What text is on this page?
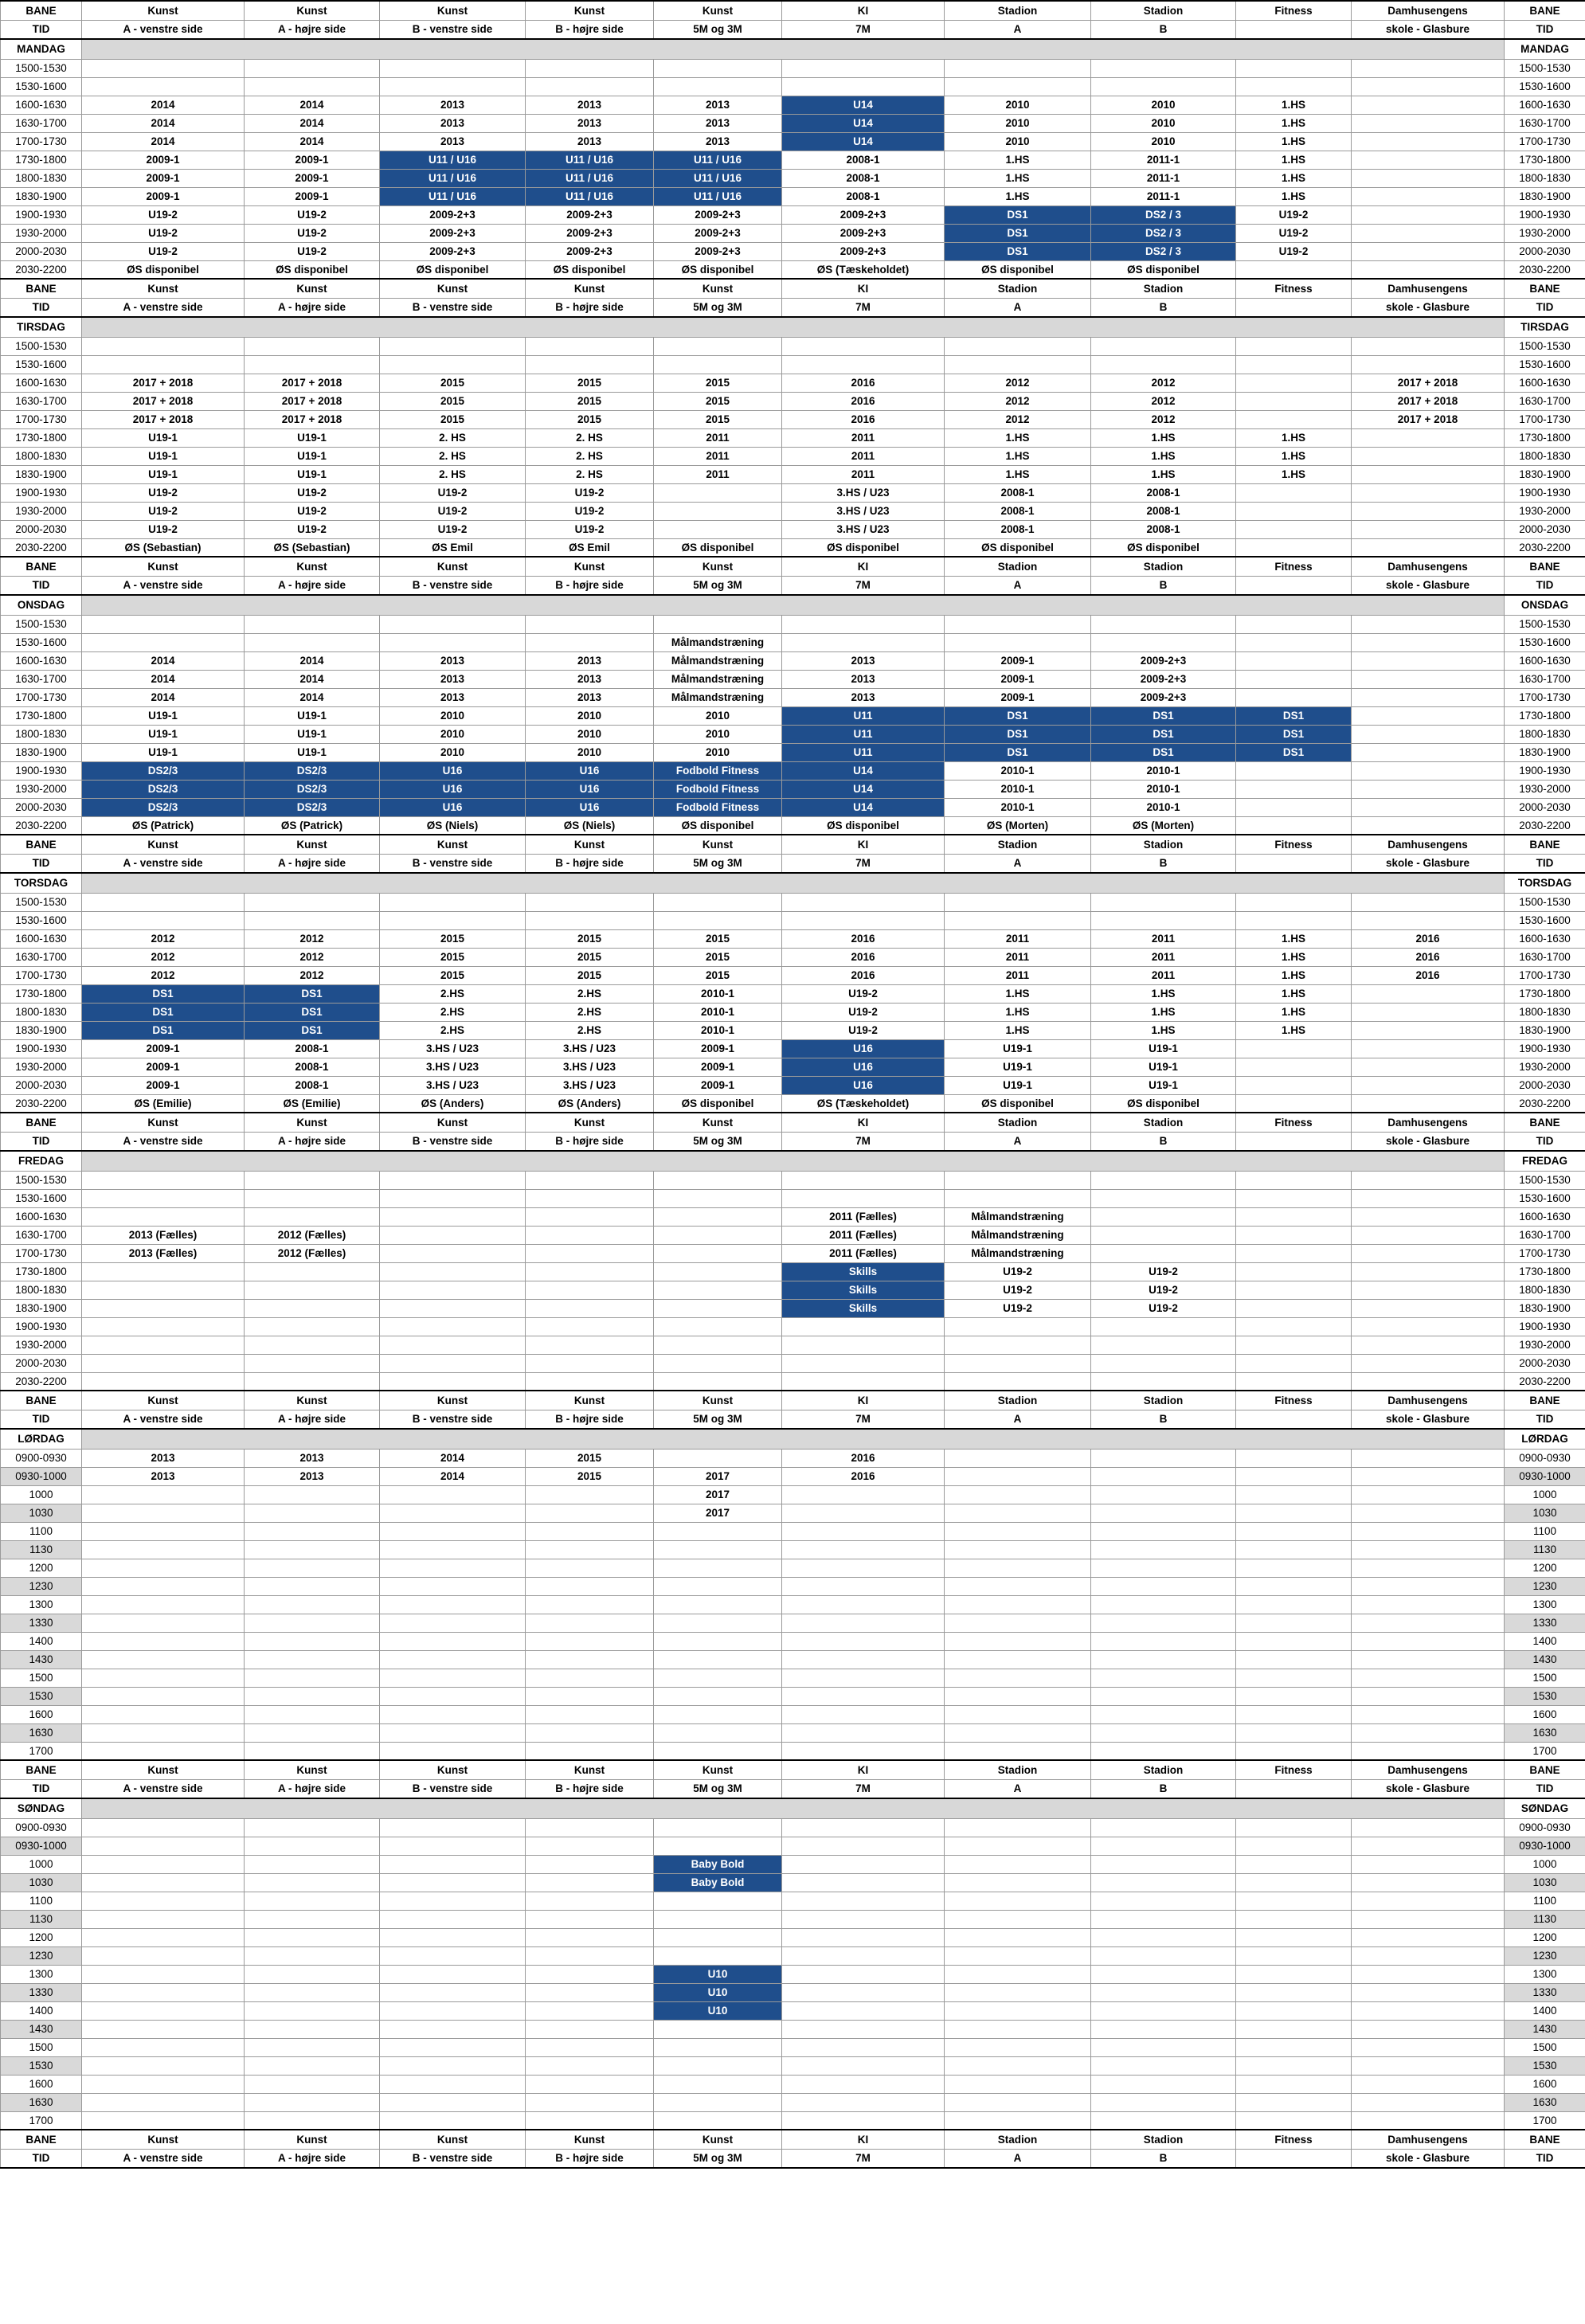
BANE	Kunst	Kunst	Kunst	Kunst	Kunst	KI	Stadion	Stadion	Fitness	Damhusengens	BANE
TID	A - venstre side	A - højre side	B - venstre side	B - højre side	5M og 3M	7M	A	B		skole - Glasbure	TID
MANDAG											MANDAG
1500-1530											1500-1530
1530-1600											1530-1600
1600-1630	2014	2014	2013	2013	2013	U14	2010	2010	1.HS		1600-1630
1630-1700	2014	2014	2013	2013	2013	U14	2010	2010	1.HS		1630-1700
1700-1730	2014	2014	2013	2013	2013	U14	2010	2010	1.HS		1700-1730
1730-1800	2009-1	2009-1	U11 / U16	U11 / U16	U11 / U16	2008-1	1.HS	2011-1	1.HS		1730-1800
1800-1830	2009-1	2009-1	U11 / U16	U11 / U16	U11 / U16	2008-1	1.HS	2011-1	1.HS		1800-1830
1830-1900	2009-1	2009-1	U11 / U16	U11 / U16	U11 / U16	2008-1	1.HS	2011-1	1.HS		1830-1900
1900-1930	U19-2	U19-2	2009-2+3	2009-2+3	2009-2+3	2009-2+3	DS1	DS2 / 3	U19-2		1900-1930
1930-2000	U19-2	U19-2	2009-2+3	2009-2+3	2009-2+3	2009-2+3	DS1	DS2 / 3	U19-2		1930-2000
2000-2030	U19-2	U19-2	2009-2+3	2009-2+3	2009-2+3	2009-2+3	DS1	DS2 / 3	U19-2		2000-2030
2030-2200	ØS disponibel	ØS disponibel	ØS disponibel	ØS disponibel	ØS disponibel	ØS (Tæskeholdet)	ØS disponibel	ØS disponibel			2030-2200
BANE	Kunst	Kunst	Kunst	Kunst	Kunst	KI	Stadion	Stadion	Fitness	Damhusengens	BANE
TID	A - venstre side	A - højre side	B - venstre side	B - højre side	5M og 3M	7M	A	B		skole - Glasbure	TID
TIRSDAG											TIRSDAG
1500-1530											1500-1530
1530-1600											1530-1600
1600-1630	2017 + 2018	2017 + 2018	2015	2015	2015	2016	2012	2012		2017 + 2018	1600-1630
1630-1700	2017 + 2018	2017 + 2018	2015	2015	2015	2016	2012	2012		2017 + 2018	1630-1700
1700-1730	2017 + 2018	2017 + 2018	2015	2015	2015	2016	2012	2012		2017 + 2018	1700-1730
1730-1800	U19-1	U19-1	2. HS	2. HS	2011	2011	1.HS	1.HS	1.HS		1730-1800
1800-1830	U19-1	U19-1	2. HS	2. HS	2011	2011	1.HS	1.HS	1.HS		1800-1830
1830-1900	U19-1	U19-1	2. HS	2. HS	2011	2011	1.HS	1.HS	1.HS		1830-1900
1900-1930	U19-2	U19-2	U19-2	U19-2		3.HS / U23	2008-1	2008-1			1900-1930
1930-2000	U19-2	U19-2	U19-2	U19-2		3.HS / U23	2008-1	2008-1			1930-2000
2000-2030	U19-2	U19-2	U19-2	U19-2		3.HS / U23	2008-1	2008-1			2000-2030
2030-2200	ØS (Sebastian)	ØS (Sebastian)	ØS Emil	ØS Emil	ØS disponibel	ØS disponibel	ØS disponibel	ØS disponibel			2030-2200
BANE	Kunst	Kunst	Kunst	Kunst	Kunst	KI	Stadion	Stadion	Fitness	Damhusengens	BANE
TID	A - venstre side	A - højre side	B - venstre side	B - højre side	5M og 3M	7M	A	B		skole - Glasbure	TID
ONSDAG											ONSDAG
1500-1530											1500-1530
1530-1600					Målmandstræning						1530-1600
1600-1630	2014	2014	2013	2013	Målmandstræning	2013	2009-1	2009-2+3			1600-1630
1630-1700	2014	2014	2013	2013	Målmandstræning	2013	2009-1	2009-2+3			1630-1700
1700-1730	2014	2014	2013	2013	Målmandstræning	2013	2009-1	2009-2+3			1700-1730
1730-1800	U19-1	U19-1	2010	2010	2010	U11	DS1	DS1	DS1		1730-1800
1800-1830	U19-1	U19-1	2010	2010	2010	U11	DS1	DS1	DS1		1800-1830
1830-1900	U19-1	U19-1	2010	2010	2010	U11	DS1	DS1	DS1		1830-1900
1900-1930	DS2/3	DS2/3	U16	U16	Fodbold Fitness	U14	2010-1	2010-1			1900-1930
1930-2000	DS2/3	DS2/3	U16	U16	Fodbold Fitness	U14	2010-1	2010-1			1930-2000
2000-2030	DS2/3	DS2/3	U16	U16	Fodbold Fitness	U14	2010-1	2010-1			2000-2030
2030-2200	ØS (Patrick)	ØS (Patrick)	ØS (Niels)	ØS (Niels)	ØS disponibel	ØS disponibel	ØS (Morten)	ØS (Morten)			2030-2200
BANE	Kunst	Kunst	Kunst	Kunst	Kunst	KI	Stadion	Stadion	Fitness	Damhusengens	BANE
TID	A - venstre side	A - højre side	B - venstre side	B - højre side	5M og 3M	7M	A	B		skole - Glasbure	TID
TORSDAG											TORSDAG
1500-1530											1500-1530
1530-1600											1530-1600
1600-1630	2012	2012	2015	2015	2015	2016	2011	2011	1.HS	2016	1600-1630
1630-1700	2012	2012	2015	2015	2015	2016	2011	2011	1.HS	2016	1630-1700
1700-1730	2012	2012	2015	2015	2015	2016	2011	2011	1.HS	2016	1700-1730
1730-1800	DS1	DS1	2.HS	2.HS	2010-1	U19-2	1.HS	1.HS	1.HS		1730-1800
1800-1830	DS1	DS1	2.HS	2.HS	2010-1	U19-2	1.HS	1.HS	1.HS		1800-1830
1830-1900	DS1	DS1	2.HS	2.HS	2010-1	U19-2	1.HS	1.HS	1.HS		1830-1900
1900-1930	2009-1	2008-1	3.HS / U23	3.HS / U23	2009-1	U16	U19-1	U19-1			1900-1930
1930-2000	2009-1	2008-1	3.HS / U23	3.HS / U23	2009-1	U16	U19-1	U19-1			1930-2000
2000-2030	2009-1	2008-1	3.HS / U23	3.HS / U23	2009-1	U16	U19-1	U19-1			2000-2030
2030-2200	ØS (Emilie)	ØS (Emilie)	ØS (Anders)	ØS (Anders)	ØS disponibel	ØS (Tæskeholdet)	ØS disponibel	ØS disponibel			2030-2200
BANE	Kunst	Kunst	Kunst	Kunst	Kunst	KI	Stadion	Stadion	Fitness	Damhusengens	BANE
TID	A - venstre side	A - højre side	B - venstre side	B - højre side	5M og 3M	7M	A	B		skole - Glasbure	TID
FREDAG											FREDAG
1500-1530											1500-1530
1530-1600											1530-1600
1600-1630						2011 (Fælles)	Målmandstræning				1600-1630
1630-1700	2013 (Fælles)	2012 (Fælles)				2011 (Fælles)	Målmandstræning				1630-1700
1700-1730	2013 (Fælles)	2012 (Fælles)				2011 (Fælles)	Målmandstræning				1700-1730
1730-1800						Skills	U19-2	U19-2			1730-1800
1800-1830						Skills	U19-2	U19-2			1800-1830
1830-1900						Skills	U19-2	U19-2			1830-1900
1900-1930											1900-1930
1930-2000											1930-2000
2000-2030											2000-2030
2030-2200											2030-2200
BANE	Kunst	Kunst	Kunst	Kunst	Kunst	KI	Stadion	Stadion	Fitness	Damhusengens	BANE
TID	A - venstre side	A - højre side	B - venstre side	B - højre side	5M og 3M	7M	A	B		skole - Glasbure	TID
LØRDAG											LØRDAG
0900-0930	2013	2013	2014	2015		2016					0900-0930
0930-1000	2013	2013	2014	2015	2017	2016					0930-1000
1000					2017						1000
1030					2017						1030
1100											1100
1130											1130
1200											1200
1230											1230
1300											1300
1330											1330
1400											1400
1430											1430
1500											1500
1530											1530
1600											1600
1630											1630
1700											1700
BANE	Kunst	Kunst	Kunst	Kunst	Kunst	KI	Stadion	Stadion	Fitness	Damhusengens	BANE
TID	A - venstre side	A - højre side	B - venstre side	B - højre side	5M og 3M	7M	A	B		skole - Glasbure	TID
SØNDAG											SØNDAG
0900-0930											0900-0930
0930-1000											0930-1000
1000					Baby Bold						1000
1030					Baby Bold						1030
1100											1100
1130											1130
1200											1200
1230											1230
1300					U10						1300
1330					U10						1330
1400					U10						1400
1430											1430
1500											1500
1530											1530
1600											1600
1630											1630
1700											1700
BANE	Kunst	Kunst	Kunst	Kunst	Kunst	KI	Stadion	Stadion	Fitness	Damhusengens	BANE
TID	A - venstre side	A - højre side	B - venstre side	B - højre side	5M og 3M	7M	A	B		skole - Glasbure	TID
